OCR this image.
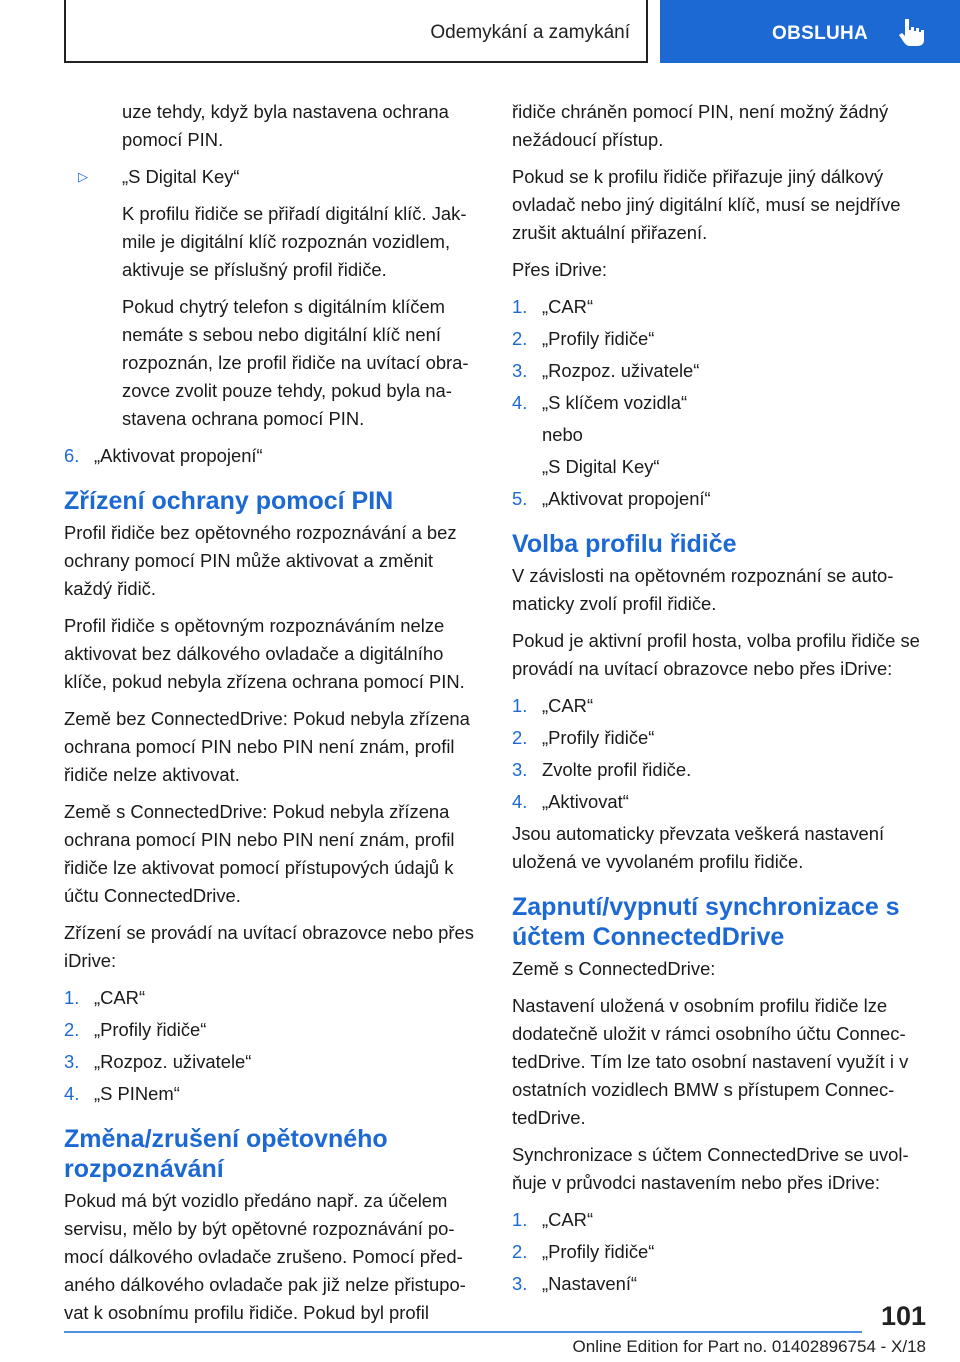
Odemykání a zamykání	OBSLUHA

uze tehdy, když byla nastavena ochrana pomocí PIN.

▷ „S Digital Key“

K profilu řidiče se přiřadí digitální klíč. Jakmile je digitální klíč rozpoznán vozidlem, aktivuje se příslušný profil řidiče.

Pokud chytrý telefon s digitálním klíčem nemáte s sebou nebo digitální klíč není rozpoznán, lze profil řidiče na uvítací obrazovce zvolit pouze tehdy, pokud byla nastavena ochrana pomocí PIN.

6. „Aktivovat propojení“
Zřízení ochrany pomocí PIN

Profil řidiče bez opětovného rozpoznávání a bez ochrany pomocí PIN může aktivovat a změnit každý řidič.

Profil řidiče s opětovným rozpoznáváním nelze aktivovat bez dálkového ovladače a digitálního klíče, pokud nebyla zřízena ochrana pomocí PIN.

Země bez ConnectedDrive: Pokud nebyla zřízena ochrana pomocí PIN nebo PIN není znám, profil řidiče nelze aktivovat.

Země s ConnectedDrive: Pokud nebyla zřízena ochrana pomocí PIN nebo PIN není znám, profil řidiče lze aktivovat pomocí přístupových údajů k účtu ConnectedDrive.

Zřízení se provádí na uvítací obrazovce nebo přes iDrive:

1. „CAR“
2. „Profily řidiče“
3. „Rozpoz. uživatele“
4. „S PINem“
Změna/zrušení opětovného rozpoznávání

Pokud má být vozidlo předáno např. za účelem servisu, mělo by být opětovné rozpoznávání pomocí dálkového ovladače zrušeno. Pomocí předaného dálkového ovladače pak již nelze přistupovat k osobnímu profilu řidiče. Pokud byl profil

řidiče chráněn pomocí PIN, není možný žádný nežádoucí přístup.

Pokud se k profilu řidiče přiřazuje jiný dálkový ovladač nebo jiný digitální klíč, musí se nejdříve zrušit aktuální přiřazení.

Přes iDrive:

1. „CAR“
2. „Profily řidiče“
3. „Rozpoz. uživatele“
4. „S klíčem vozidla“
nebo
„S Digital Key“
5. „Aktivovat propojení“
Volba profilu řidiče

V závislosti na opětovném rozpoznání se automaticky zvolí profil řidiče.

Pokud je aktivní profil hosta, volba profilu řidiče se provádí na uvítací obrazovce nebo přes iDrive:

1. „CAR“
2. „Profily řidiče“
3. Zvolte profil řidiče.
4. „Aktivovat“

Jsou automaticky převzata veškerá nastavení uložená ve vyvolaném profilu řidiče.

Zapnutí/vypnutí synchronizace s účtem ConnectedDrive

Země s ConnectedDrive:

Nastavení uložená v osobním profilu řidiče lze dodatečně uložit v rámci osobního účtu ConnectedDrive. Tím lze tato osobní nastavení využít i v ostatních vozidlech BMW s přístupem ConnectedDrive.

Synchronizace s účtem ConnectedDrive se uvolňuje v průvodci nastavením nebo přes iDrive:

1. „CAR“
2. „Profily řidiče“
3. „Nastavení“
101
Online Edition for Part no. 01402896754 - X/18
